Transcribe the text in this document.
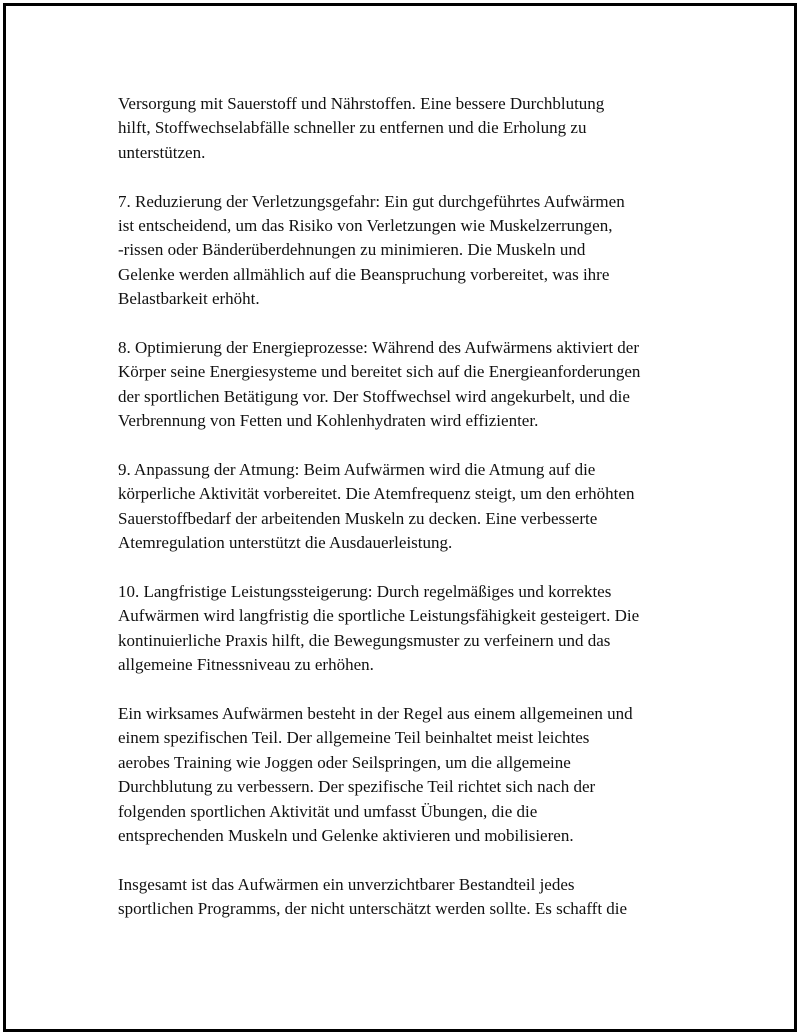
Versorgung mit Sauerstoff und Nährstoffen. Eine bessere Durchblutung
hilft, Stoffwechselabfälle schneller zu entfernen und die Erholung zu
unterstützen.

7. Reduzierung der Verletzungsgefahr: Ein gut durchgeführtes Aufwärmen
ist entscheidend, um das Risiko von Verletzungen wie Muskelzerrungen,
-rissen oder Bänderüberdehnungen zu minimieren. Die Muskeln und
Gelenke werden allmählich auf die Beanspruchung vorbereitet, was ihre
Belastbarkeit erhöht.

8. Optimierung der Energieprozesse: Während des Aufwärmens aktiviert der
Körper seine Energiesysteme und bereitet sich auf die Energieanforderungen
der sportlichen Betätigung vor. Der Stoffwechsel wird angekurbelt, und die
Verbrennung von Fetten und Kohlenhydraten wird effizienter.

9. Anpassung der Atmung: Beim Aufwärmen wird die Atmung auf die
körperliche Aktivität vorbereitet. Die Atemfrequenz steigt, um den erhöhten
Sauerstoffbedarf der arbeitenden Muskeln zu decken. Eine verbesserte
Atemregulation unterstützt die Ausdauerleistung.

10. Langfristige Leistungssteigerung: Durch regelmäßiges und korrektes
Aufwärmen wird langfristig die sportliche Leistungsfähigkeit gesteigert. Die
kontinuierliche Praxis hilft, die Bewegungsmuster zu verfeinern und das
allgemeine Fitnessniveau zu erhöhen.

Ein wirksames Aufwärmen besteht in der Regel aus einem allgemeinen und
einem spezifischen Teil. Der allgemeine Teil beinhaltet meist leichtes
aerobes Training wie Joggen oder Seilspringen, um die allgemeine
Durchblutung zu verbessern. Der spezifische Teil richtet sich nach der
folgenden sportlichen Aktivität und umfasst Übungen, die die
entsprechenden Muskeln und Gelenke aktivieren und mobilisieren.

Insgesamt ist das Aufwärmen ein unverzichtbarer Bestandteil jedes
sportlichen Programms, der nicht unterschätzt werden sollte. Es schafft die
